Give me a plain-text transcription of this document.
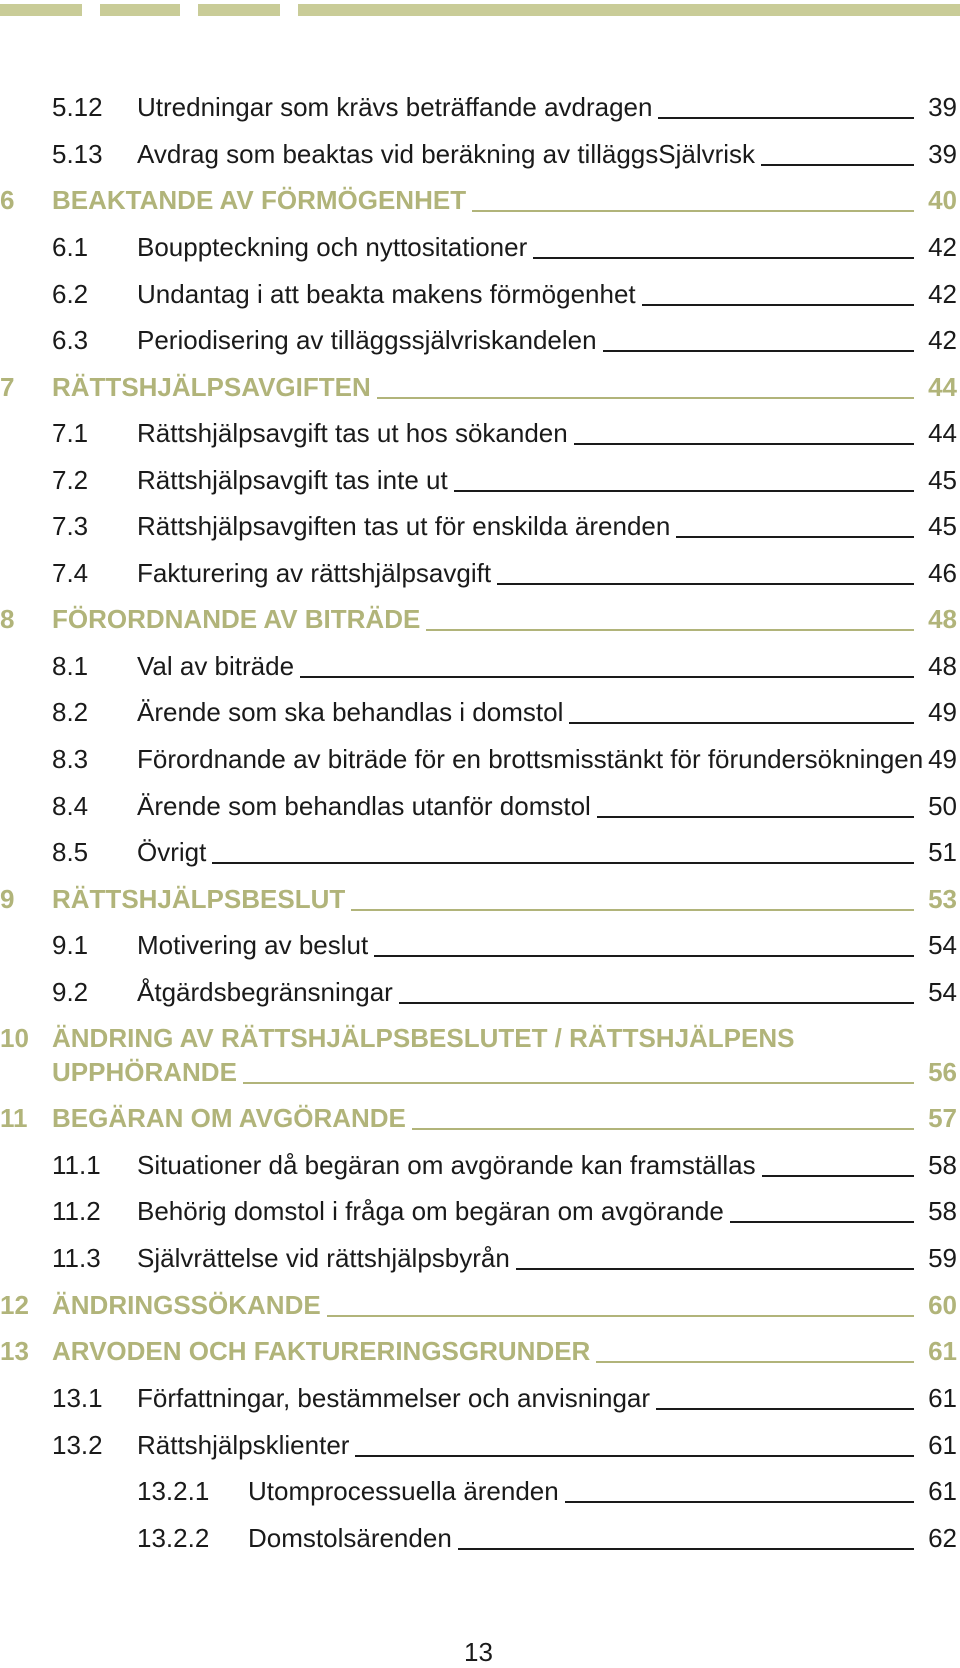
5.12 Utredningar som krävs beträffande avdragen	39
5.13 Avdrag som beaktas vid beräkning av tilläggsSjälvrisk	39
6 BEAKTANDE AV FÖRMÖGENHET	40
6.1 Bouppteckning och nyttositationer	42
6.2 Undantag i att beakta makens förmögenhet	42
6.3 Periodisering av tilläggssjälvriskandelen	42
7 RÄTTSHJÄLPSAVGIFTEN	44
7.1 Rättshjälpsavgift tas ut hos sökanden	44
7.2 Rättshjälpsavgift tas inte ut	45
7.3 Rättshjälpsavgiften tas ut för enskilda ärenden	45
7.4 Fakturering av rättshjälpsavgift	46
8 FÖRORDNANDE AV BITRÄDE	48
8.1 Val av biträde	48
8.2 Ärende som ska behandlas i domstol	49
8.3 Förordnande av biträde för en brottsmisstänkt för förundersökningen 49
8.4 Ärende som behandlas utanför domstol	50
8.5 Övrigt	51
9 RÄTTSHJÄLPSBESLUT	53
9.1 Motivering av beslut	54
9.2 Åtgärdsbegränsningar	54
10 ÄNDRING AV RÄTTSHJÄLPSBESLUTET / RÄTTSHJÄLPENS
UPPHÖRANDE	56
11 BEGÄRAN OM AVGÖRANDE	57
11.1 Situationer då begäran om avgörande kan framställas	58
11.2 Behörig domstol i fråga om begäran om avgörande	58
11.3 Självrättelse vid rättshjälpsbyrån	59
12 ÄNDRINGSSÖKANDE	60
13 ARVODEN OCH FAKTURERINGSGRUNDER	61
13.1 Författningar, bestämmelser och anvisningar	61
13.2 Rättshjälpsklienter	61
13.2.1 Utomprocessuella ärenden	61
13.2.2 Domstolsärenden	62
13
